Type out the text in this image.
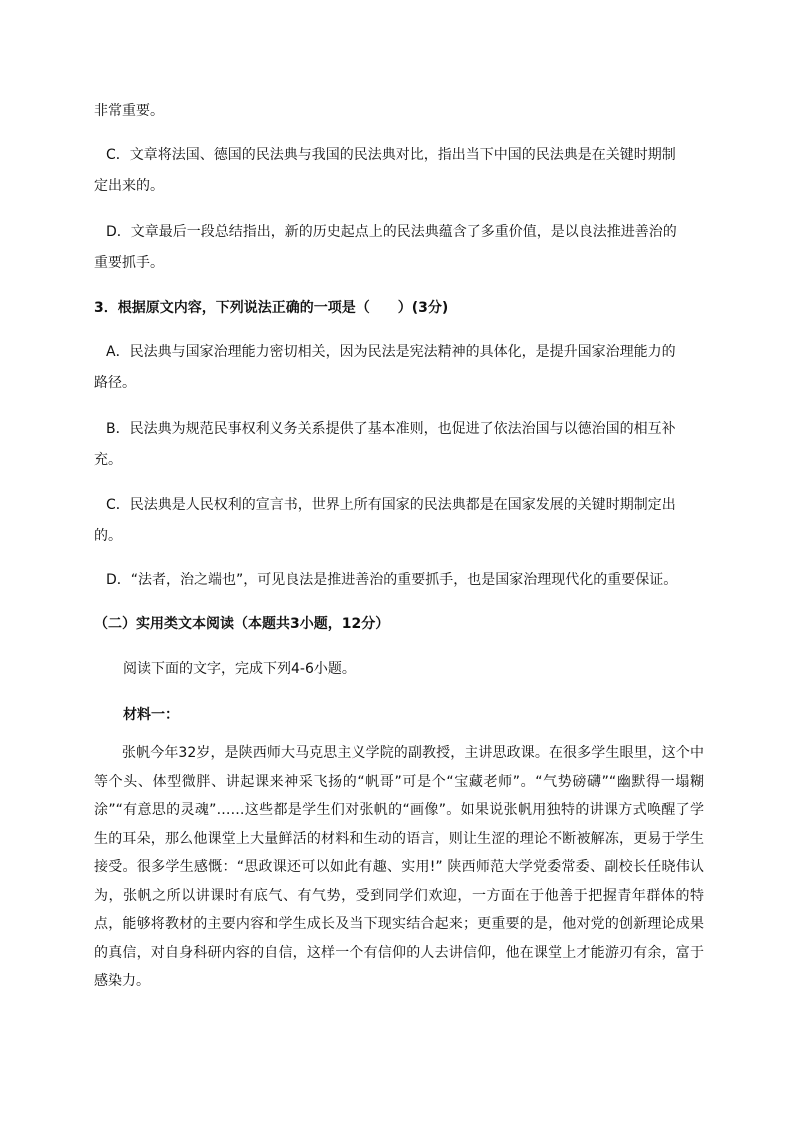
非常重要。
C．文章将法国、德国的民法典与我国的民法典对比，指出当下中国的民法典是在关键时期制
定出来的。
D．文章最后一段总结指出，新的历史起点上的民法典蕴含了多重价值，是以良法推进善治的
重要抓手。
3．根据原文内容，下列说法正确的一项是（　　）(3分)
A．民法典与国家治理能力密切相关，因为民法是宪法精神的具体化，是提升国家治理能力的
路径。
B．民法典为规范民事权利义务关系提供了基本准则，也促进了依法治国与以德治国的相互补
充。
C．民法典是人民权利的宣言书，世界上所有国家的民法典都是在国家发展的关键时期制定出
的。
D．“法者，治之端也”，可见良法是推进善治的重要抓手，也是国家治理现代化的重要保证。
（二）实用类文本阅读（本题共3小题，12分）
阅读下面的文字，完成下列4-6小题。
材料一：

张帆今年32岁，是陕西师大马克思主义学院的副教授，主讲思政课。在很多学生眼里，这个中等个头、体型微胖、讲起课来神采飞扬的“帆哥”可是个“宝藏老师”。“气势磅礴”“幽默得一塌糊涂”“有意思的灵魂”……这些都是学生们对张帆的“画像”。如果说张帆用独特的讲课方式唤醒了学生的耳朵，那么他课堂上大量鲜活的材料和生动的语言，则让生涩的理论不断被解冻，更易于学生接受。很多学生感慨：“思政课还可以如此有趣、实用!” 陕西师范大学党委常委、副校长任晓伟认为，张帆之所以讲课时有底气、有气势，受到同学们欢迎，一方面在于他善于把握青年群体的特点，能够将教材的主要内容和学生成长及当下现实结合起来；更重要的是，他对党的创新理论成果的真信，对自身科研内容的自信，这样一个有信仰的人去讲信仰，他在课堂上才能游刃有余，富于感染力。
